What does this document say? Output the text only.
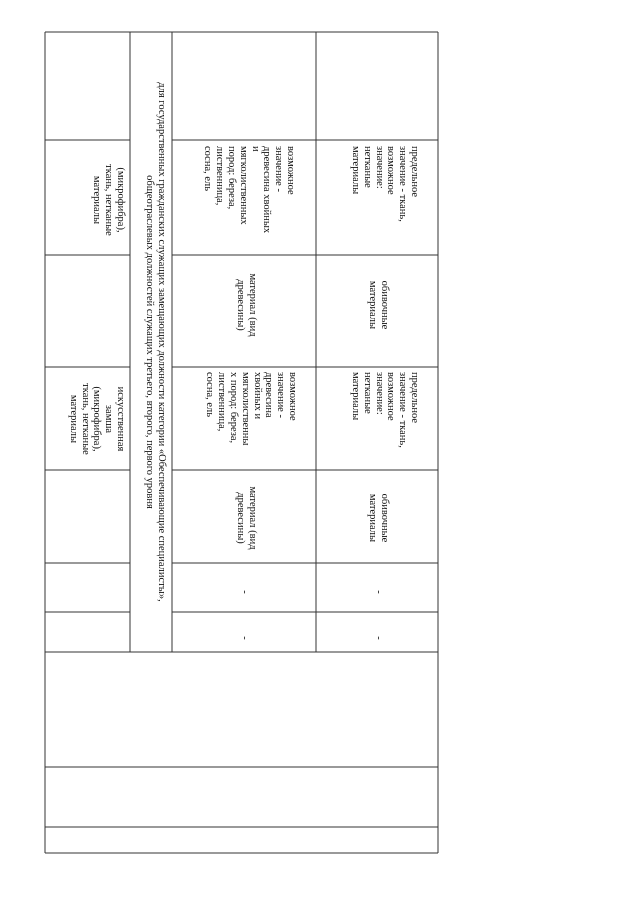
(микрофибра),
ткань, нетканые
материалы
искусственная
замша
(микрофибра),
ткань, нетканые
материалы
для государственных гражданских служащих замещающих должности категории «Обеспечивающие специалисты»,
общеотраслевых должностей служащих третьего, второго, первого уровня
-
-
материал (вид
древесины)
возможное
значение -
древесина
хвойных и
мягколиственны
х пород: береза,
лиственница,
сосна, ель
материал (вид
древесины)
возможное
значение -
древесина хвойных
и
мягколиственных
пород: береза,
лиственница,
сосна, ель
-
-
обивочные
материалы
предельное
значение - ткань,
возможное
значение:
нетканые
материалы
обивочные
материалы
предельное
значение - ткань,
возможное
значение:
нетканые
материалы
